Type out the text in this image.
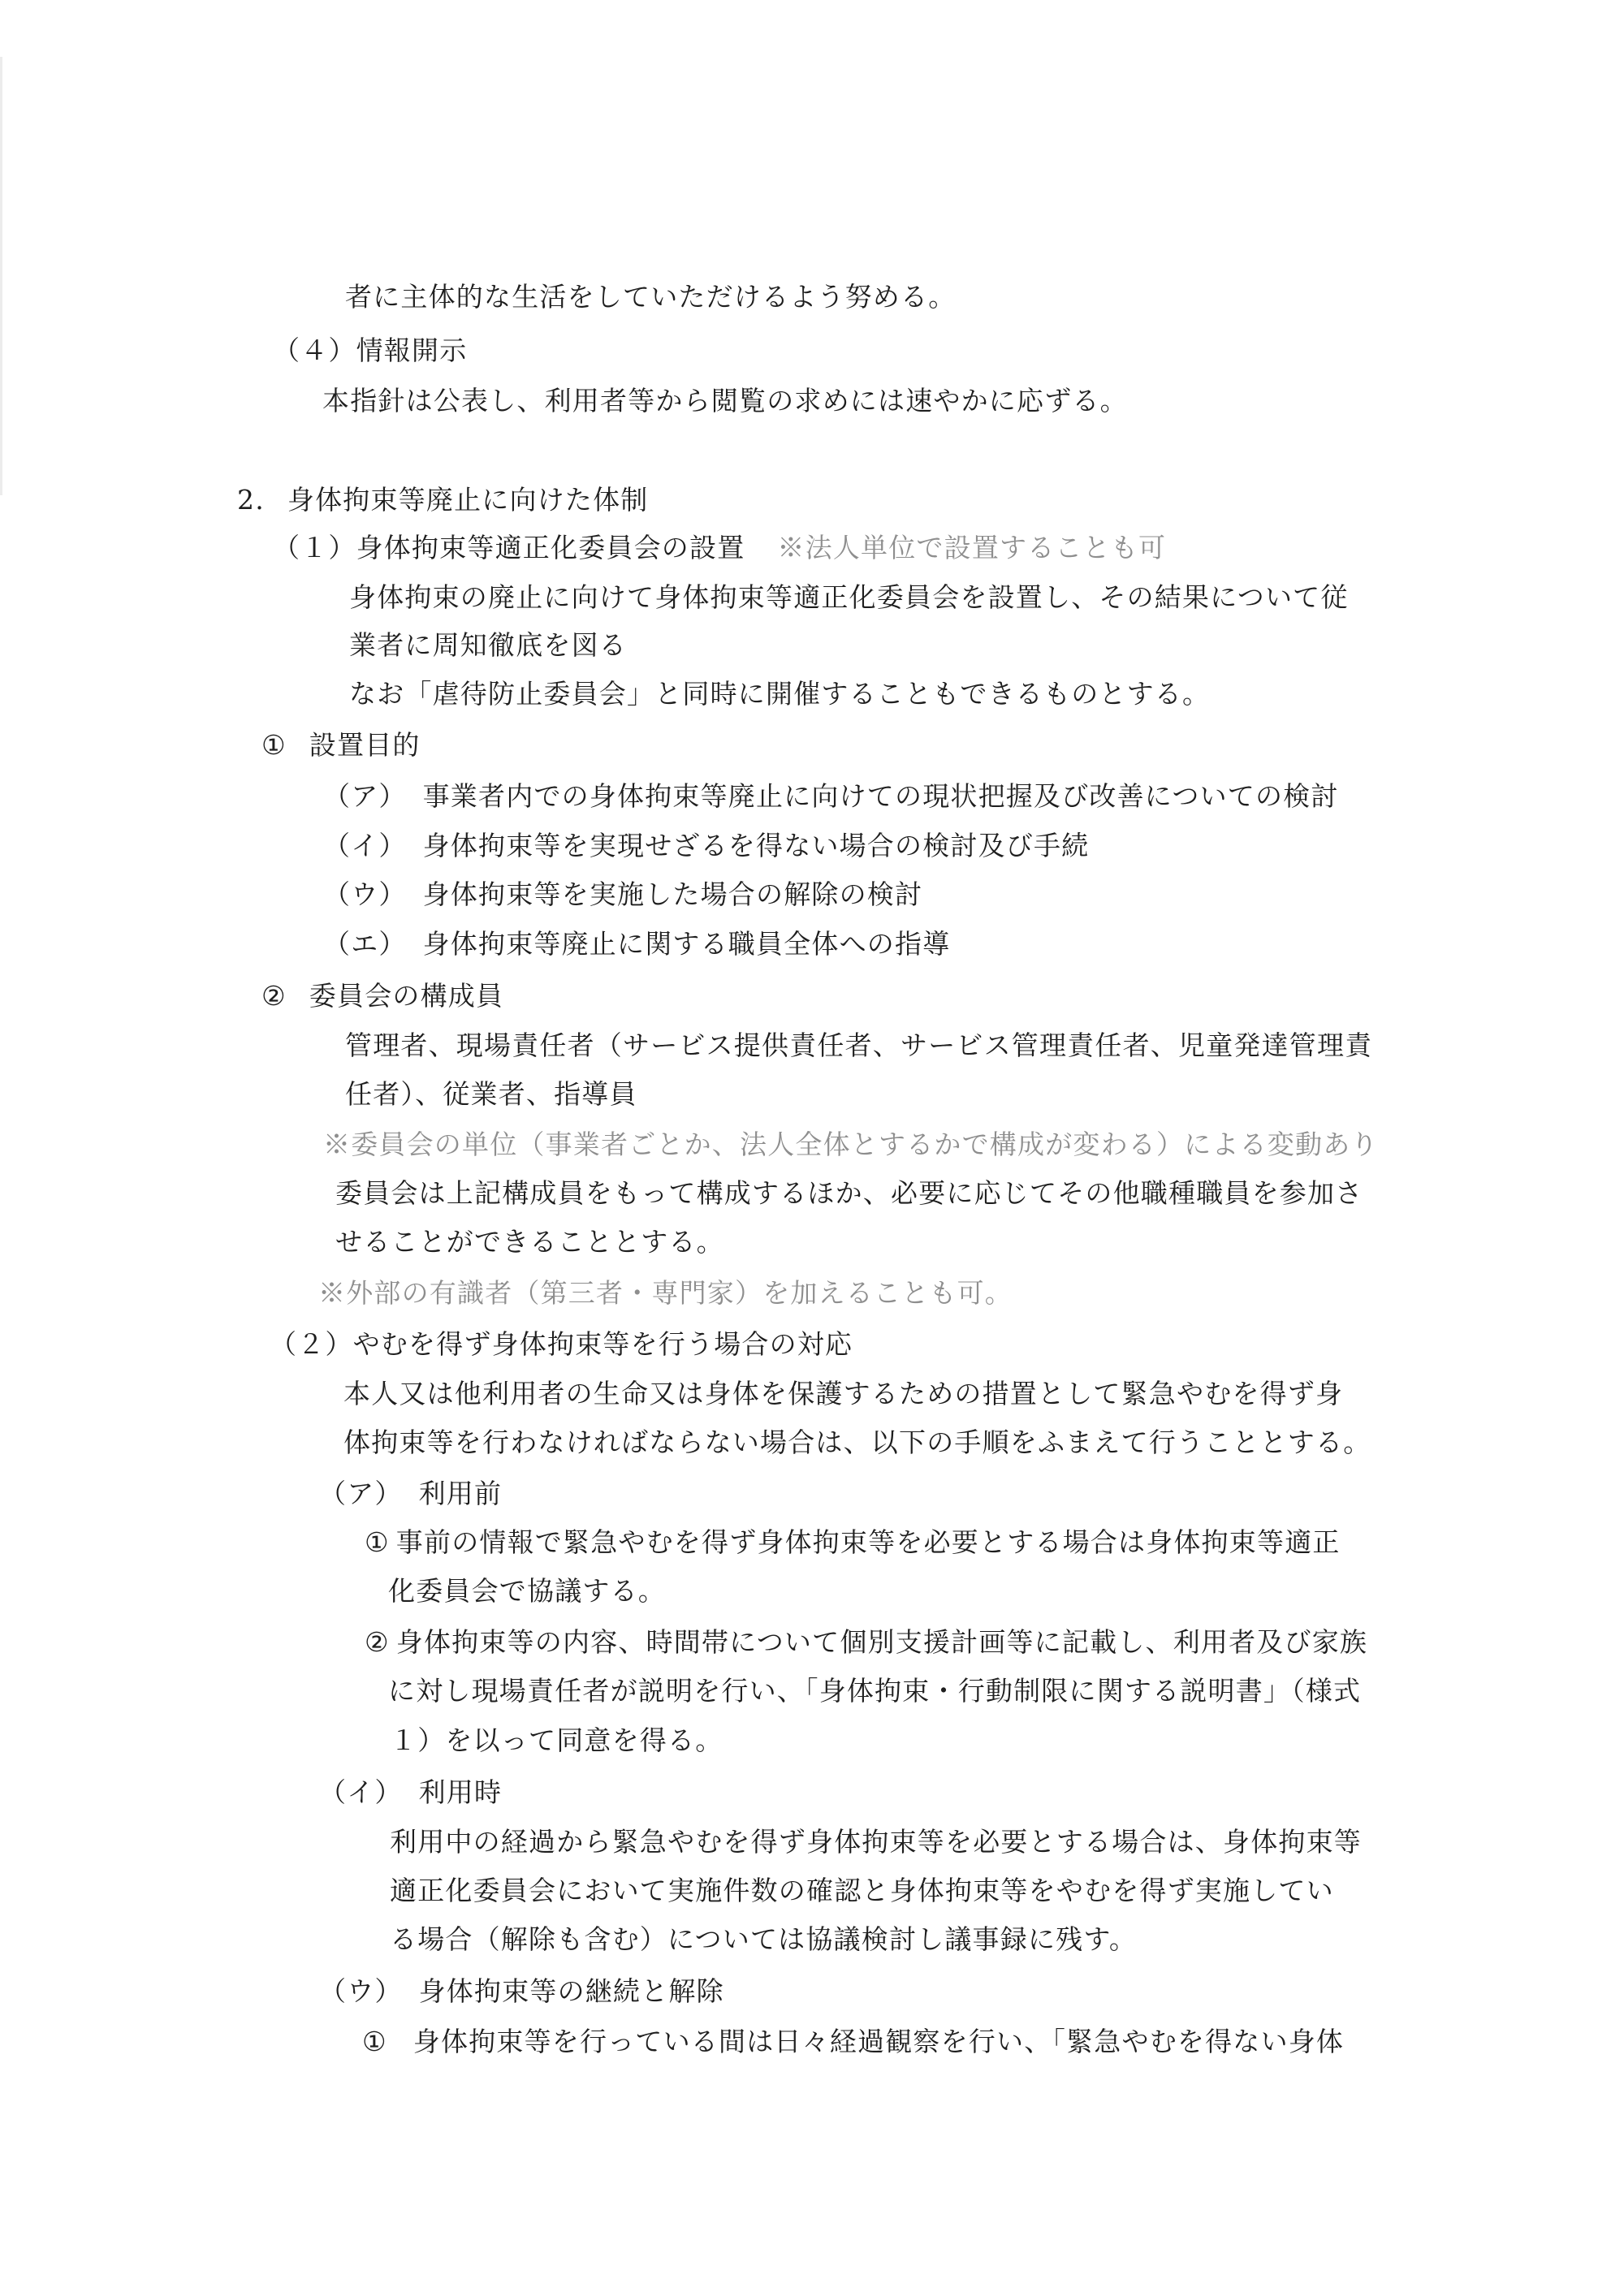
者に主体的な生活をしていただけるよう努める。

（４）情報開示

本指針は公表し、利用者等から閲覧の求めには速やかに応ずる。

2. 身体拘束等廃止に向けた体制

（１）身体拘束等適正化委員会の設置 ※法人単位で設置することも可

身体拘束の廃止に向けて身体拘束等適正化委員会を設置し、その結果について従

業者に周知徹底を図る

なお「虐待防止委員会」と同時に開催することもできるものとする。

① 設置目的

（ア） 事業者内での身体拘束等廃止に向けての現状把握及び改善についての検討

（イ） 身体拘束等を実現せざるを得ない場合の検討及び手続

（ウ） 身体拘束等を実施した場合の解除の検討

（エ） 身体拘束等廃止に関する職員全体への指導

② 委員会の構成員

管理者、現場責任者（サービス提供責任者、サービス管理責任者、児童発達管理責

任者）、従業者、指導員

※委員会の単位（事業者ごとか、法人全体とするかで構成が変わる）による変動あり

委員会は上記構成員をもって構成するほか、必要に応じてその他職種職員を参加さ

せることができることとする。

※外部の有識者（第三者・専門家）を加えることも可。

（２）やむを得ず身体拘束等を行う場合の対応

本人又は他利用者の生命又は身体を保護するための措置として緊急やむを得ず身

体拘束等を行わなければならない場合は、以下の手順をふまえて行うこととする。

（ア） 利用前

① 事前の情報で緊急やむを得ず身体拘束等を必要とする場合は身体拘束等適正

化委員会で協議する。

② 身体拘束等の内容、時間帯について個別支援計画等に記載し、利用者及び家族

に対し現場責任者が説明を行い、「身体拘束・行動制限に関する説明書」（様式

１）を以って同意を得る。

（イ） 利用時

利用中の経過から緊急やむを得ず身体拘束等を必要とする場合は、身体拘束等

適正化委員会において実施件数の確認と身体拘束等をやむを得ず実施してい

る場合（解除も含む）については協議検討し議事録に残す。

（ウ） 身体拘束等の継続と解除

① 身体拘束等を行っている間は日々経過観察を行い、「緊急やむを得ない身体
